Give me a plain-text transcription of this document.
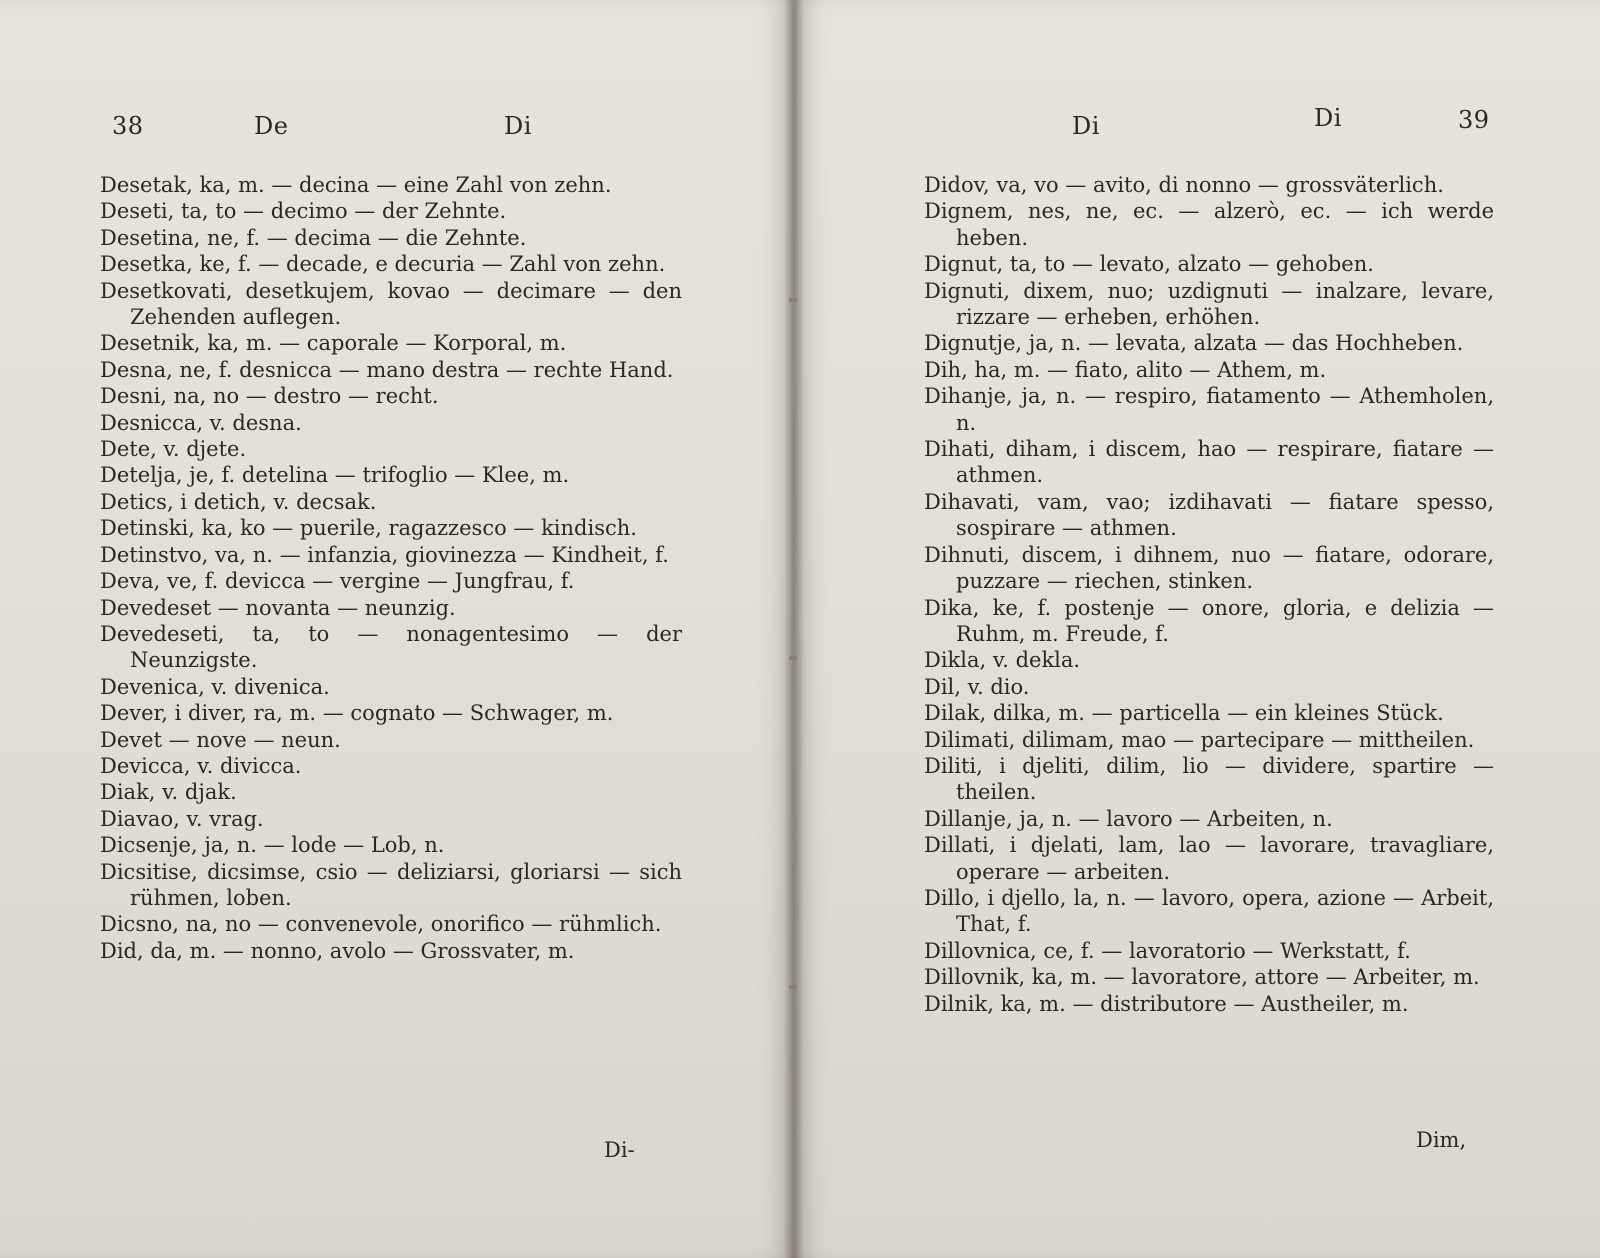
38	De	Di
Desetak, ka, m. — decina — eine Zahl von zehn.
Deseti, ta, to — decimo — der Zehnte.
Desetina, ne, f. — decima — die Zehnte.
Desetka, ke, f. — decade, e decuria — Zahl von zehn.
Desetkovati, desetkujem, kovao — decimare — den Zehenden auflegen.
Desetnik, ka, m. — caporale — Korporal, m.
Desna, ne, f. desnicca — mano destra — rechte Hand.
Desni, na, no — destro — recht.
Desnicca, v. desna.
Dete, v. djete.
Detelja, je, f. detelina — trifoglio — Klee, m.
Detics, i detich, v. decsak.
Detinski, ka, ko — puerile, ragazzesco — kindisch.
Detinstvo, va, n. — infanzia, giovinezza — Kindheit, f.
Deva, ve, f. devicca — vergine — Jungfrau, f.
Devedeset — novanta — neunzig.
Devedeseti, ta, to — nonagentesimo — der Neunzigste.
Devenica, v. divenica.
Dever, i diver, ra, m. — cognato — Schwager, m.
Devet — nove — neun.
Devicca, v. divicca.
Diak, v. djak.
Diavao, v. vrag.
Dicsenje, ja, n. — lode — Lob, n.
Dicsitise, dicsimse, csio — deliziarsi, gloriarsi — sich rühmen, loben.
Dicsno, na, no — convenevole, onorifico — rühmlich.
Did, da, m. — nonno, avolo — Grossvater, m.
Di-
Di	Di	39
Didov, va, vo — avito, di nonno — grossväterlich.
Dignem, nes, ne, ec. — alzerò, ec. — ich werde heben.
Dignut, ta, to — levato, alzato — gehoben.
Dignuti, dixem, nuo; uzdignuti — inalzare, levare, rizzare — erheben, erhöhen.
Dignutje, ja, n. — levata, alzata — das Hochheben.
Dih, ha, m. — fiato, alito — Athem, m.
Dihanje, ja, n. — respiro, fiatamento — Athemholen, n.
Dihati, diham, i discem, hao — respirare, fiatare — athmen.
Dihavati, vam, vao; izdihavati — fiatare spesso, sospirare — athmen.
Dihnuti, discem, i dihnem, nuo — fiatare, odorare, puzzare — riechen, stinken.
Dika, ke, f. postenje — onore, gloria, e delizia — Ruhm, m. Freude, f.
Dikla, v. dekla.
Dil, v. dio.
Dilak, dilka, m. — particella — ein kleines Stück.
Dilimati, dilimam, mao — partecipare — mittheilen.
Diliti, i djeliti, dilim, lio — dividere, spartire — theilen.
Dillanje, ja, n. — lavoro — Arbeiten, n.
Dillati, i djelati, lam, lao — lavorare, travagliare, operare — arbeiten.
Dillo, i djello, la, n. — lavoro, opera, azione — Arbeit, That, f.
Dillovnica, ce, f. — lavoratorio — Werkstatt, f.
Dillovnik, ka, m. — lavoratore, attore — Arbeiter, m.
Dilnik, ka, m. — distributore — Austheiler, m.
Dim,
